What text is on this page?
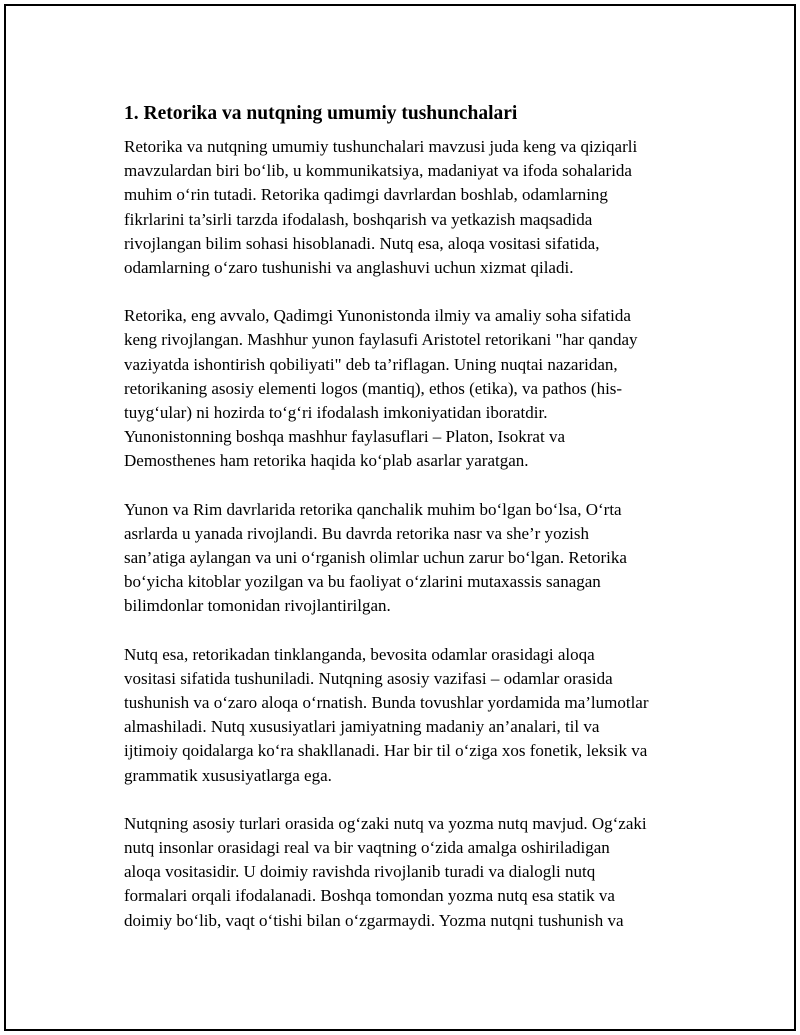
1. Retorika va nutqning umumiy tushunchalari

Retorika va nutqning umumiy tushunchalari mavzusi juda keng va qiziqarli
mavzulardan biri bo‘lib, u kommunikatsiya, madaniyat va ifoda sohalarida
muhim o‘rin tutadi. Retorika qadimgi davrlardan boshlab, odamlarning
fikrlarini ta’sirli tarzda ifodalash, boshqarish va yetkazish maqsadida
rivojlangan bilim sohasi hisoblanadi. Nutq esa, aloqa vositasi sifatida,
odamlarning o‘zaro tushunishi va anglashuvi uchun xizmat qiladi.

Retorika, eng avvalo, Qadimgi Yunonistonda ilmiy va amaliy soha sifatida
keng rivojlangan. Mashhur yunon faylasufi Aristotel retorikani "har qanday
vaziyatda ishontirish qobiliyati" deb ta’riflagan. Uning nuqtai nazaridan,
retorikaning asosiy elementi logos (mantiq), ethos (etika), va pathos (his-
tuyg‘ular) ni hozirda to‘g‘ri ifodalash imkoniyatidan iboratdir.
Yunonistonning boshqa mashhur faylasuflari – Platon, Isokrat va
Demosthenes ham retorika haqida ko‘plab asarlar yaratgan.

Yunon va Rim davrlarida retorika qanchalik muhim bo‘lgan bo‘lsa, O‘rta
asrlarda u yanada rivojlandi. Bu davrda retorika nasr va she’r yozish
san’atiga aylangan va uni o‘rganish olimlar uchun zarur bo‘lgan. Retorika
bo‘yicha kitoblar yozilgan va bu faoliyat o‘zlarini mutaxassis sanagan
bilimdonlar tomonidan rivojlantirilgan.

Nutq esa, retorikadan tinklanganda, bevosita odamlar orasidagi aloqa
vositasi sifatida tushuniladi. Nutqning asosiy vazifasi – odamlar orasida
tushunish va o‘zaro aloqa o‘rnatish. Bunda tovushlar yordamida ma’lumotlar
almashiladi. Nutq xususiyatlari jamiyatning madaniy an’analari, til va
ijtimoiy qoidalarga ko‘ra shakllanadi. Har bir til o‘ziga xos fonetik, leksik va
grammatik xususiyatlarga ega.

Nutqning asosiy turlari orasida og‘zaki nutq va yozma nutq mavjud. Og‘zaki
nutq insonlar orasidagi real va bir vaqtning o‘zida amalga oshiriladigan
aloqa vositasidir. U doimiy ravishda rivojlanib turadi va dialogli nutq
formalari orqali ifodalanadi. Boshqa tomondan yozma nutq esa statik va
doimiy bo‘lib, vaqt o‘tishi bilan o‘zgarmaydi. Yozma nutqni tushunish va
